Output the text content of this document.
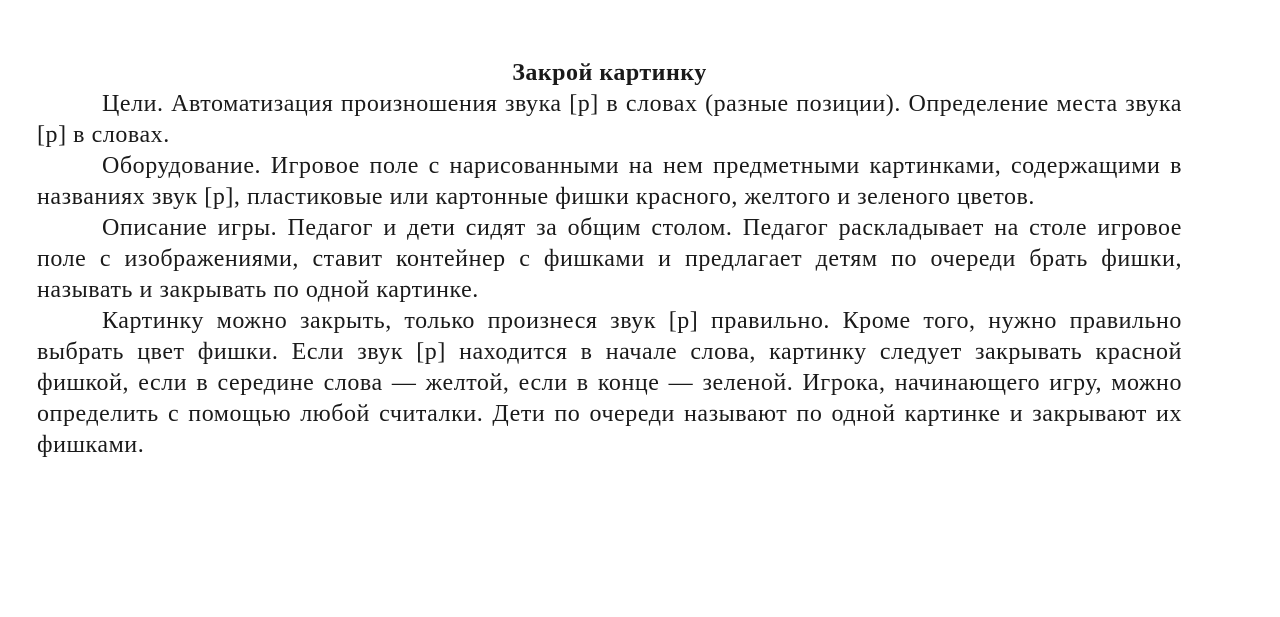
Закрой картинку

Цели. Автоматизация произношения звука [р] в словах (разные позиции). Определение места звука [р] в словах.

Оборудование. Игровое поле с нарисованными на нем предметными картинками, содержащими в названиях звук [р], пластиковые или картонные фишки красного, желтого и зеленого цветов.

Описание игры. Педагог и дети сидят за общим столом. Педагог раскладывает на столе игровое поле с изображениями, ставит контейнер с фишками и предлагает детям по очереди брать фишки, называть и закрывать по одной картинке.

Картинку можно закрыть, только произнеся звук [р] правильно. Кроме того, нужно правильно выбрать цвет фишки. Если звук [р] находится в начале слова, картинку следует закрывать красной фишкой, если в середине слова — желтой, если в конце — зеленой. Игрока, начинающего игру, можно определить с помощью любой считалки. Дети по очереди называют по одной картинке и закрывают их фишками.
